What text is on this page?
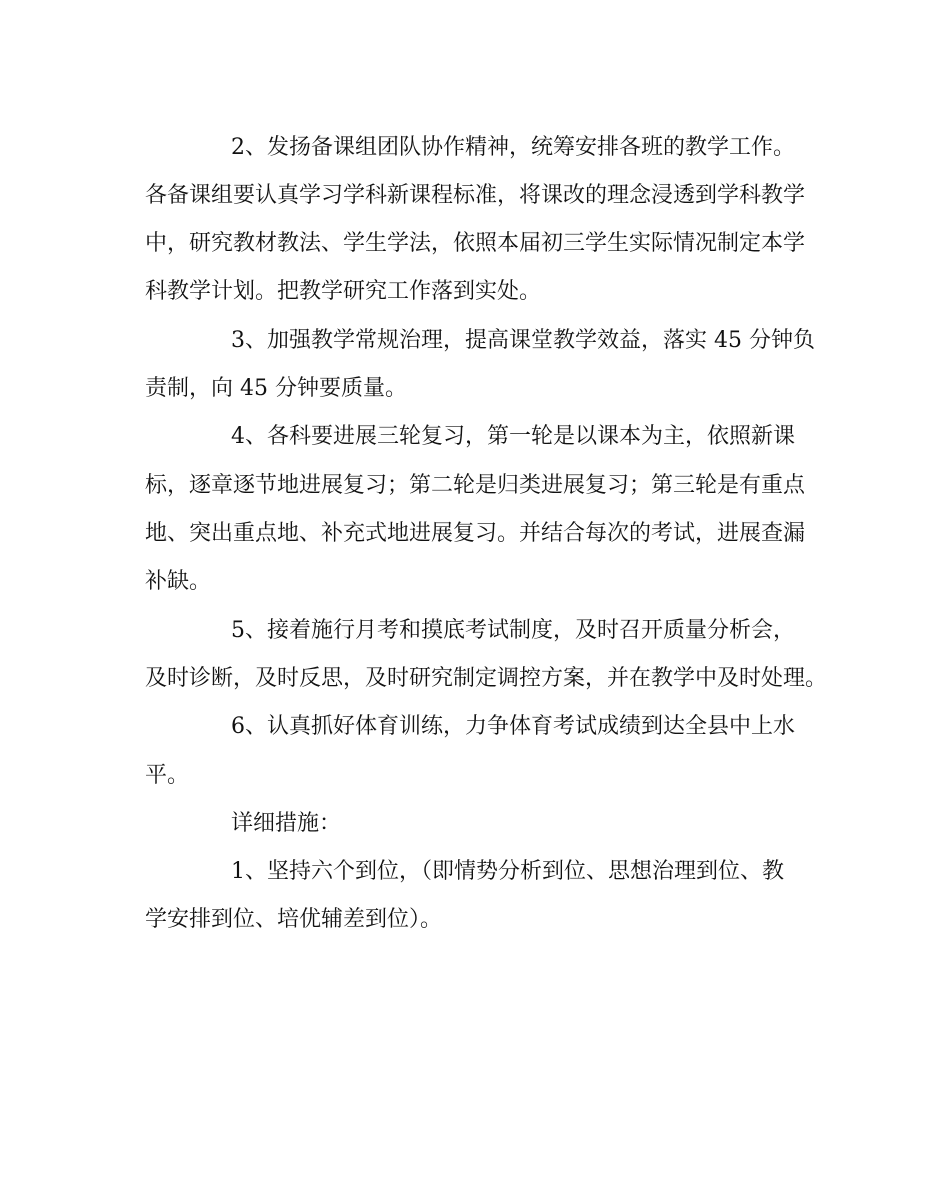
2、发扬备课组团队协作精神，统筹安排各班的教学工作。
各备课组要认真学习学科新课程标准，将课改的理念浸透到学科教学
中，研究教材教法、学生学法，依照本届初三学生实际情况制定本学
科教学计划。把教学研究工作落到实处。
3、加强教学常规治理，提高课堂教学效益，落实 45 分钟负
责制，向 45 分钟要质量。
4、各科要进展三轮复习，第一轮是以课本为主，依照新课
标，逐章逐节地进展复习；第二轮是归类进展复习；第三轮是有重点
地、突出重点地、补充式地进展复习。并结合每次的考试，进展查漏
补缺。
5、接着施行月考和摸底考试制度，及时召开质量分析会，
及时诊断，及时反思，及时研究制定调控方案，并在教学中及时处理。
6、认真抓好体育训练，力争体育考试成绩到达全县中上水
平。
详细措施：
1、坚持六个到位，（即情势分析到位、思想治理到位、教
学安排到位、培优辅差到位）。
